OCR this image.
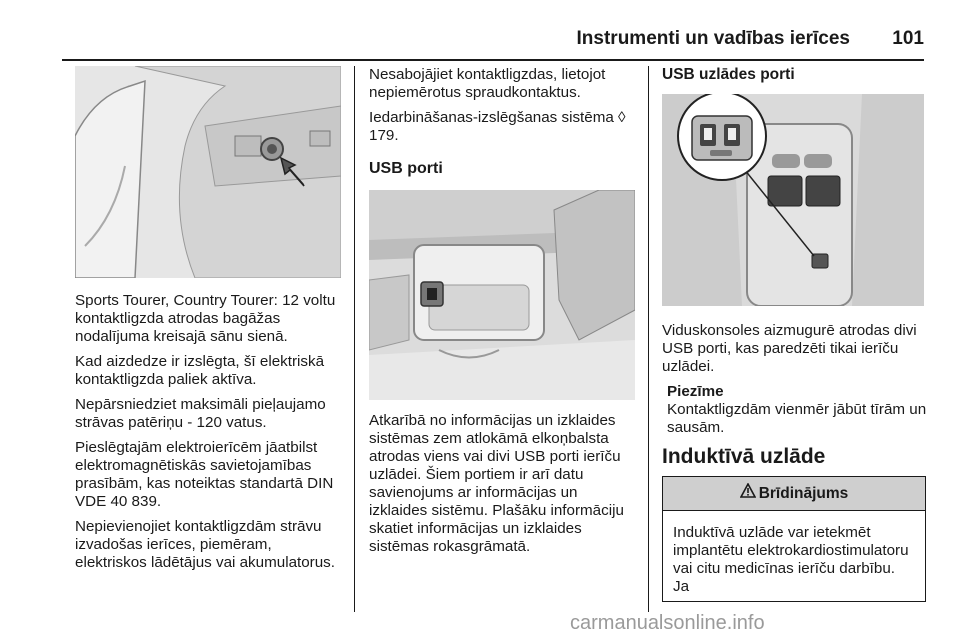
Instrumenti un vadības ierīces 101

Sports Tourer, Country Tourer: 12 voltu kontaktligzda atrodas bagāžas nodalījuma kreisajā sānu sienā.

Kad aizdedze ir izslēgta, šī elektriskā kontaktligzda paliek aktīva.

Nepārsniedziet maksimāli pieļaujamo strāvas patēriņu - 120 vatus.

Pieslēgtajām elektroierīcēm jāatbilst elektromagnētiskās savietojamības prasībām, kas noteiktas standartā DIN VDE 40 839.

Nepievienojiet kontaktligzdām strāvu izvadošas ierīces, piemēram, elektriskos lādētājus vai akumulatorus.

Nesabojājiet kontaktligzdas, lietojot nepiemērotus spraudkontaktus.

Iedarbināšanas-izslēgšanas sistēma ◊ 179.

USB porti

Atkarībā no informācijas un izklaides sistēmas zem atlokāmā elkoņbalsta atrodas viens vai divi USB porti ierīču uzlādei. Šiem portiem ir arī datu savienojums ar informācijas un izklaides sistēmu. Plašāku informāciju skatiet informācijas un izklaides sistēmas rokasgrāmatā.

USB uzlādes porti

Viduskonsoles aizmugurē atrodas divi USB porti, kas paredzēti tikai ierīču uzlādei.

Piezīme

Kontaktligzdām vienmēr jābūt tīrām un sausām.

Induktīvā uzlāde
Brīdinājums

Induktīvā uzlāde var ietekmēt implantētu elektrokardiostimulatoru vai citu medicīnas ierīču darbību. Ja

carmanualsonline.info
